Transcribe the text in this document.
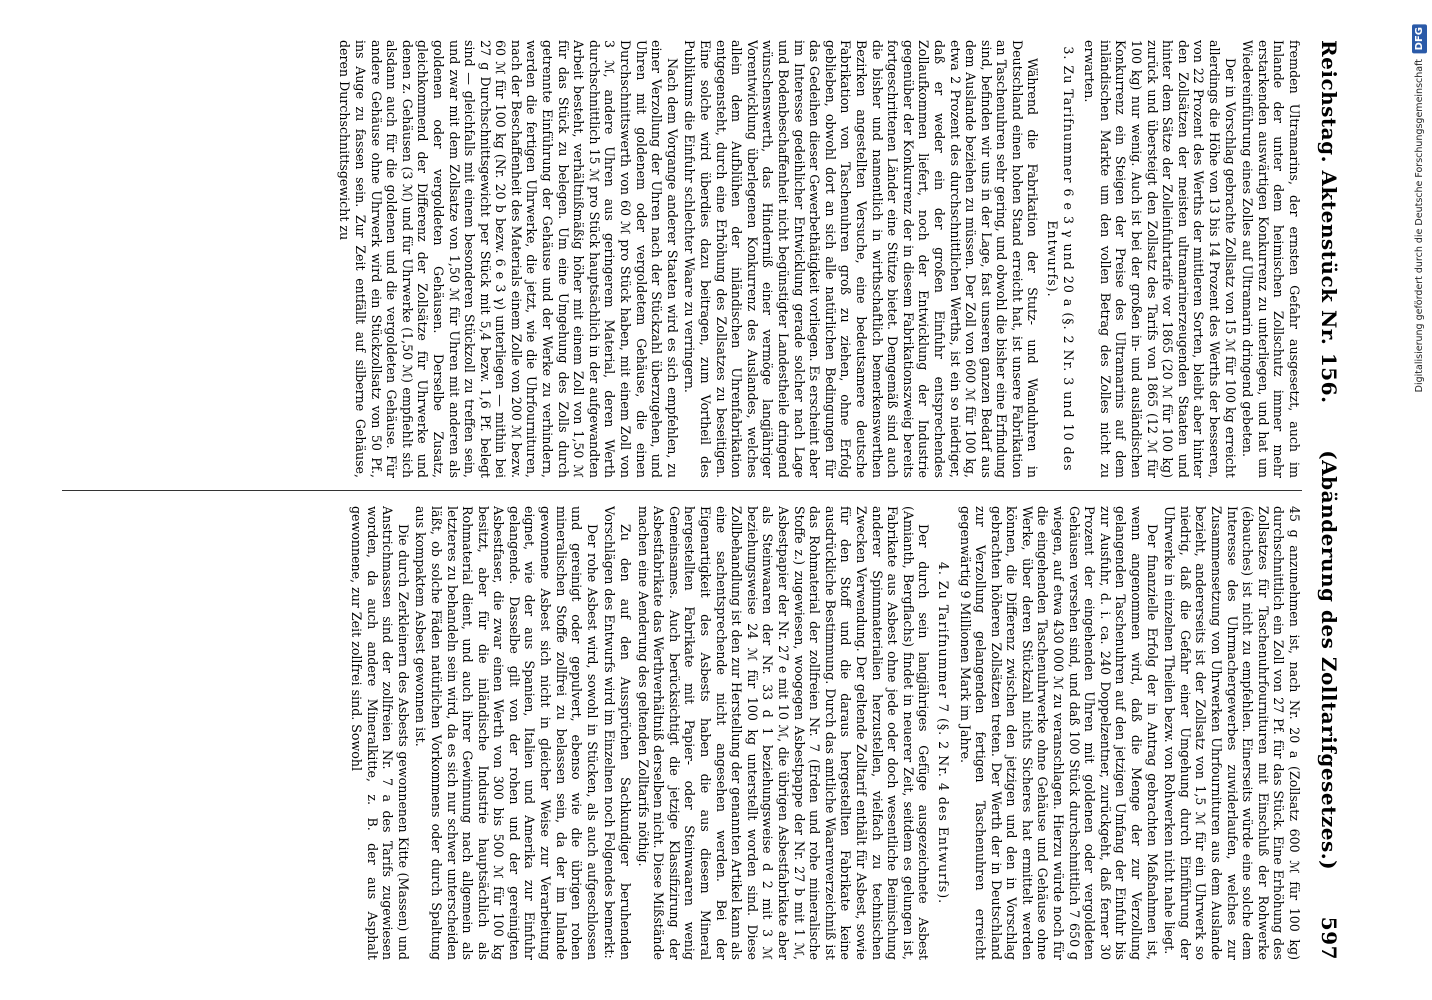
Reichstag. Aktenstück Nr. 156.
(Abänderung des Zolltarifgesetzes.)
597

fremden Ultramarins, der ernsten Gefahr ausgesetzt, auch im Inlande der unter dem heimischen Zollschutz immer mehr erstarkenden auswärtigen Konkurrenz zu unterliegen, und hat um Wiedereinführung eines Zolles auf Ultramarin dringend gebeten.

Der in Vorschlag gebrachte Zollsatz von 15 ℳ für 100 kg erreicht allerdings die Höhe von 13 bis 14 Prozent des Werths der besseren, von 22 Prozent des Werths der mittleren Sorten, bleibt aber hinter den Zollsätzen der meisten ultramarinerzeugenden Staaten und hinter dem Sätze der Zolleinfuhrtarife vor 1865 (20 ℳ für 100 kg) zurück und übersteigt den Zollsatz des Tarifs von 1865 (12 ℳ für 100 kg) nur wenig. Auch ist bei der großen in- und ausländischen Konkurrenz ein Steigen der Preise des Ultramarins auf dem inländischen Markte um den vollen Betrag des Zolles nicht zu erwarten.

3. Zu Tarifnummer 6 e 3 γ und 20 a (§. 2 Nr. 3 und 10 des Entwurfs).

Während die Fabrikation der Stutz- und Wanduhren in Deutschland einen hohen Stand erreicht hat, ist unsere Fabrikation an Taschenuhren sehr gering, und obwohl die bisher eine Erfindung sind, befinden wir uns in der Lage, fast unseren ganzen Bedarf aus dem Auslande beziehen zu müssen. Der Zoll von 600 ℳ für 100 kg, etwa 2 Prozent des durchschnittlichen Werths, ist ein so niedriger, daß er weder ein der großen Einfuhr entsprechendes Zollaufkommen liefert, noch der Entwicklung der Industrie gegenüber der Konkurrenz der in diesem Fabrikationszweig bereits fortgeschrittenen Länder eine Stütze bietet. Demgemäß sind auch die bisher und namentlich in wirthschaftlich bemerkenswerthen Bezirken angestellten Versuche, eine bedeutsamere deutsche Fabrikation von Taschenuhren groß zu ziehen, ohne Erfolg geblieben, obwohl dort an sich alle natürlichen Bedingungen für das Gedeihen dieser Gewerbethätigkeit vorliegen. Es erscheint aber im Interesse gedeihlicher Entwicklung gerade solcher nach Lage und Bodenbeschaffenheit nicht begünstigter Landestheile dringend wünschenswerth, das Hinderniß einer vermöge langjähriger Vorentwicklung überlegenen Konkurrenz des Auslandes, welches allein dem Aufblühen der inländischen Uhrenfabrikation entgegensteht, durch eine Erhöhung des Zollsatzes zu beseitigen. Eine solche wird überdies dazu beitragen, zum Vortheil des Publikums die Einfuhr schlechter Waare zu verringern.

Nach dem Vorgange anderer Staaten wird es sich empfehlen, zu einer Verzollung der Uhren nach der Stückzahl überzugehen, und Uhren mit goldenem oder vergoldetem Gehäuse, die einen Durchschnittswerth von 60 ℳ pro Stück haben, mit einem Zoll von 3 ℳ, andere Uhren aus geringerem Material, deren Werth durchschnittlich 15 ℳ pro Stück hauptsächlich in der aufgewandten Arbeit besteht, verhältnißmäßig höher mit einem Zoll von 1,50 ℳ für das Stück zu belegen. Um eine Umgehung des Zolls durch getrennte Einführung der Gehäuse und der Werke zu verhindern, werden die fertigen Uhrwerke, die jetzt, wie die Uhrfournituren, nach der Beschaffenheit des Materials einem Zolle von 200 ℳ bezw. 60 ℳ für 100 kg (Nr. 20 b bezw. 6 e 3 γ) unterliegen — mithin bei 27 g Durchschnittsgewicht per Stück mit 5,4 bezw. 1,6 Pf. belegt sind — gleichfalls mit einem besonderen Stückzoll zu treffen sein, und zwar mit dem Zollsatze von 1,50 ℳ für Uhren mit anderen als goldenen oder vergoldeten Gehäusen. Derselbe Zusatz, gleichkommend der Differenz der Zollsätze für Uhrwerke und denen z. Gehäusen (3 ℳ) und für Uhrwerke (1,50 ℳ) empfiehlt sich alsdann auch für die goldenen und die vergoldeten Gehäuse. Für andere Gehäuse ohne Uhrwerk wird ein Stückzollsatz von 50 Pf., ins Auge zu fassen sein. Zur Zeit entfällt auf silberne Gehäuse, deren Durchschnittsgewicht zu

45 g anzunehmen ist, nach Nr. 20 a (Zollsatz 600 ℳ für 100 kg) durchschnittlich ein Zoll von 27 Pf. für das Stück. Eine Erhöhung des Zollsatzes für Taschenuhrfournituren mit Einschluß der Rohwerke (ébauches) ist nicht zu empfehlen. Einerseits würde eine solche dem Interesse des Uhrmachergewerbes zuwiderlaufen, welches zur Zusammensetzung von Uhrwerken Uhrfournituren aus dem Auslande bezieht, andererseits ist der Zollsatz von 1,5 ℳ für ein Uhrwerk so niedrig, daß die Gefahr einer Umgehung durch Einführung der Uhrwerke in einzelnen Theilen bezw. von Rohwerken nicht nahe liegt.

Der finanzielle Erfolg der in Antrag gebrachten Maßnahmen ist, wenn angenommen wird, daß die Menge der zur Verzollung gelangenden Taschenuhren auf den jetzigen Umfang der Einfuhr bis zur Ausfuhr, d. i. ca. 240 Doppelzentner, zurückgeht, daß ferner 30 Prozent der eingehenden Uhren mit goldenen oder vergoldeten Gehäusen versehen sind, und daß 100 Stück durchschnittlich 7 650 g wiegen, auf etwa 430 000 ℳ zu veranschlagen. Hierzu würde noch für die eingehenden Taschenuhrwerke ohne Gehäuse und Gehäuse ohne Werke, über deren Stückzahl nichts Sicheres hat ermittelt werden können, die Differenz zwischen den jetzigen und den in Vorschlag gebrachten höheren Zollsätzen treten. Der Werth der in Deutschland zur Verzollung gelangenden fertigen Taschenuhren erreicht gegenwärtig 9 Millionen Mark im Jahre.

4. Zu Tarifnummer 7 (§. 2 Nr. 4 des Entwurfs).

Der durch sein langjähriges Gefüge ausgezeichnete Asbest (Amianth, Bergflachs) findet in neuerer Zeit, seitdem es gelungen ist, Fabrikate aus Asbest ohne jede oder doch wesentliche Beimischung anderer Spinnmaterialien herzustellen, vielfach zu technischen Zwecken Verwendung. Der geltende Zolltarif enthält für Asbest, sowie für den Stoff und die daraus hergestellten Fabrikate keine ausdrückliche Bestimmung. Durch das amtliche Waarenverzeichniß ist das Rohmaterial der zollfreien Nr. 7 (Erden und rohe mineralische Stoffe z.) zugewiesen, woogegen Asbestpappe der Nr. 27 b mit 1 ℳ, Asbestpapier der Nr. 27 e mit 10 ℳ, die übrigen Asbestfabrikate aber als Steinwaaren der Nr. 33 d 1 beziehungsweise d 2 mit 3 ℳ beziehungsweise 24 ℳ für 100 kg unterstellt worden sind. Diese Zollbehandlung ist den zur Herstellung der genannten Artikel kann als eine sachentsprechende nicht angesehen werden. Bei der Eigenartigkeit des Asbests haben die aus diesem Mineral hergestellten Fabrikate mit Papier- oder Steinwaaren wenig Gemeinsames. Auch berücksichtigt die jetzige Klassifizirung der Asbestfabrikate das Werthverhältniß derselben nicht. Diese Mißstände machen eine Aenderung des geltenden Zolltarifs nöthig.

Zu den auf den Aussprüchen Sachkundiger beruhenden Vorschlägen des Entwurfs wird im Einzelnen noch Folgendes bemerkt:

Der rohe Asbest wird, sowohl in Stücken, als auch aufgeschlossen und gereinigt oder gepulvert, ebenso wie die übrigen rohen mineralischen Stoffe zollfrei zu belassen sein, da der im Inlande gewonnene Asbest sich nicht in gleicher Weise zur Verarbeitung eignet, wie der aus Spanien, Italien und Amerika zur Einfuhr gelangende. Dasselbe gilt von der rohen und der gereinigten Asbestfaser, die zwar einen Werth von 300 bis 500 ℳ für 100 kg besitzt, aber für die inländische Industrie hauptsächlich als Rohmaterial dient, und auch ihrer Gewinnung nach allgemein als letzteres zu behandeln sein wird, da es sich nur schwer unterscheiden läßt, ob solche Fäden natürlichen Vorkommens oder durch Spaltung aus kompaktem Asbest gewonnen ist.

Die durch Zerkleinern des Asbests gewonnenen Kitte (Massen) und Anstrichmassen sind der zollfreien Nr. 7 a des Tarifs zugewiesen worden, da auch andere Mineralkitte, z. B. der aus Asphalt gewonnene, zur Zeit zollfrei sind. Sowohl

DFG
Digitalisierung gefördert durch die Deutsche Forschungsgemeinschaft
